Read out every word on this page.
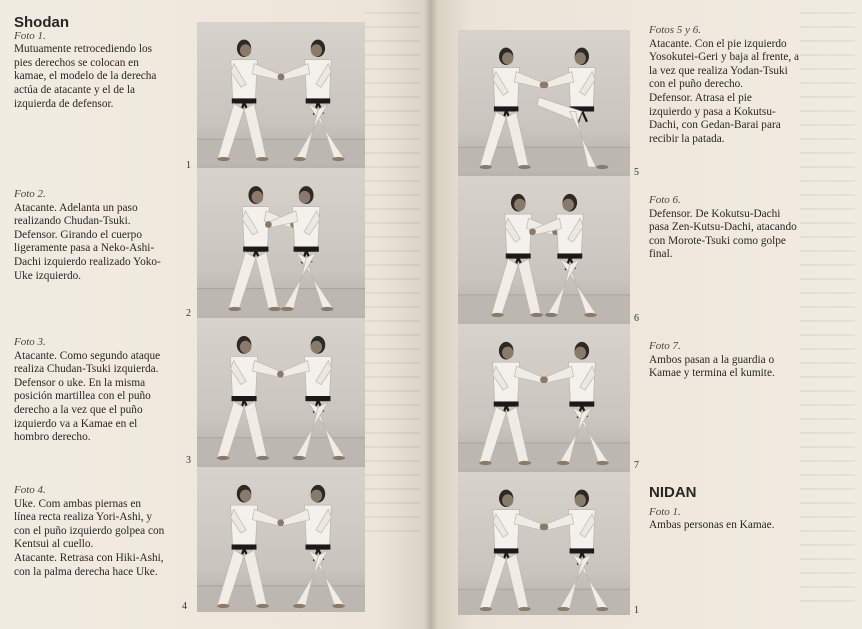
Shodan
Foto 1.
Mutuamente retrocediendo los
pies derechos se colocan en
kamae, el modelo de la derecha
actúa de atacante y el de la
izquierda de defensor.
Foto 2.
Atacante. Adelanta un paso
realizando Chudan-Tsuki.
Defensor. Girando el cuerpo
ligeramente pasa a Neko-Ashi-
Dachi izquierdo realizado Yoko-
Uke izquierdo.
Foto 3.
Atacante. Como segundo ataque
realiza Chudan-Tsuki izquierda.
Defensor o uke. En la misma
posición martillea con el puño
derecho a la vez que el puño
izquierdo va a Kamae en el
hombro derecho.
Foto 4.
Uke. Com ambas piernas en
línea recta realiza Yori-Ashi, y
con el puño izquierdo golpea con
Kentsui al cuello.
Atacante. Retrasa con Hiki-Ashi,
con la palma derecha hace Uke.
1
2
3
4
5
6
7
1
Fotos 5 y 6.
Atacante. Con el pie izquierdo
Yosokutei-Geri y baja al frente, a
la vez que realiza Yodan-Tsuki
con el puño derecho.
Defensor. Atrasa el pie
izquierdo y pasa a Kokutsu-
Dachi, con Gedan-Barai para
recibir la patada.
Foto 6.
Defensor. De Kokutsu-Dachi
pasa Zen-Kutsu-Dachi, atacando
con Morote-Tsuki como golpe
final.
Foto 7.
Ambos pasan a la guardia o
Kamae y termina el kumite.
NIDAN
Foto 1.
Ambas personas en Kamae.
